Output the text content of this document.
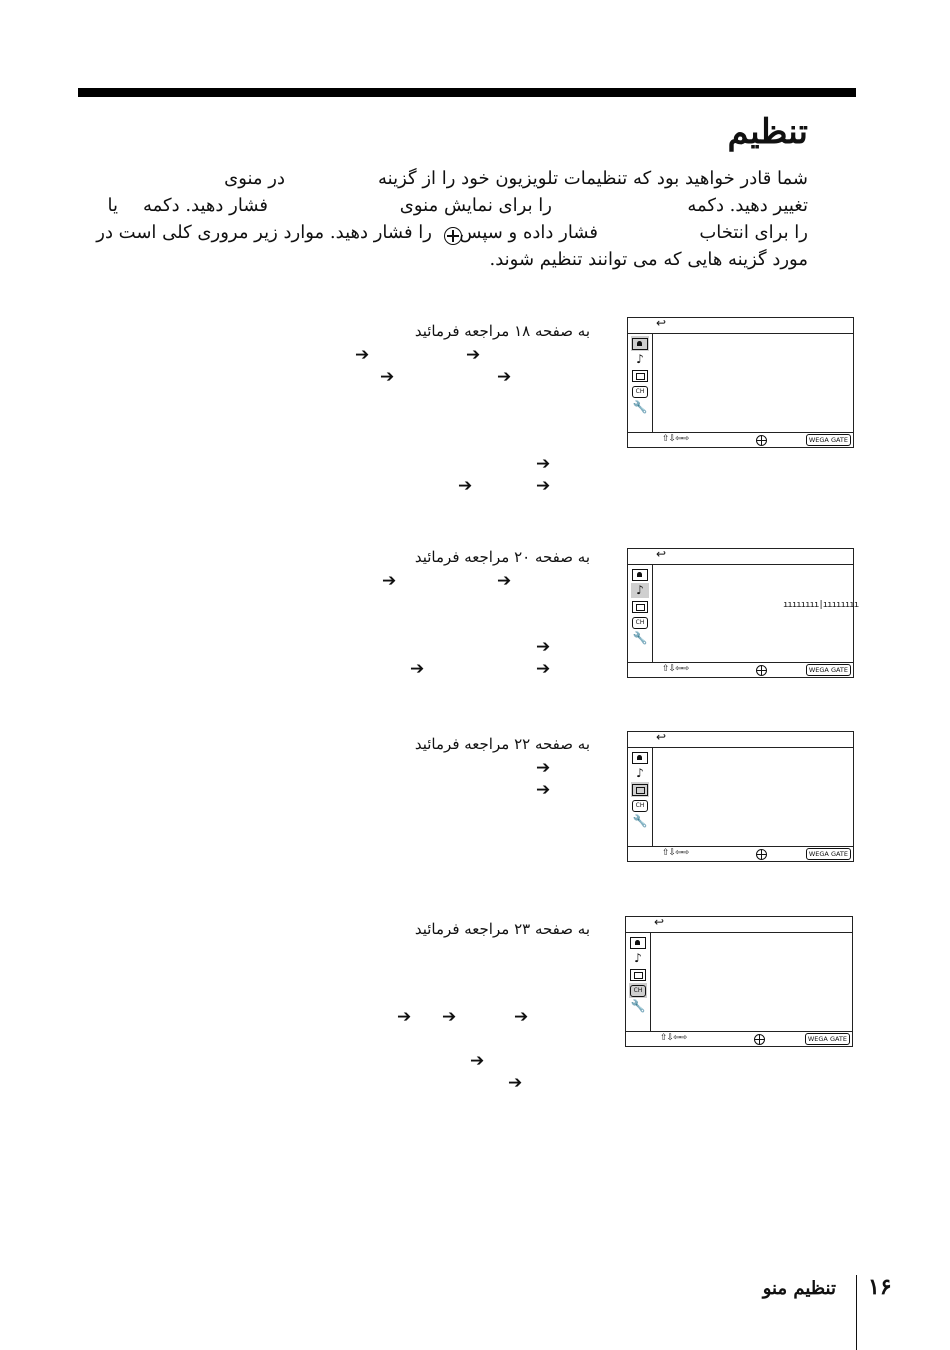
تنظیم
شما قادر خواهید بود که تنظیمات تلویزیون خود را از گزینه
در منوی
تغییر دهید. دکمه
را برای نمایش منوی
فشار دهید. دکمه
یا
را برای انتخاب
فشار داده و سپس
را فشار دهید. موارد زیر مروری کلی است در
مورد گزینه هایی که می توانند تنظیم شوند.
به صفحه ۱۸ مراجعه فرمائید
➔	➔
➔	➔
➔
➔	➔
↩
♪
CH
🔧
⇧⇩⇦⇨	WEGA GATE
به صفحه ۲۰ مراجعه فرمائید
➔	➔
➔
➔	➔
↩
♪
CH
🔧
ıııııııı|ıııııııı
⇧⇩⇦⇨	WEGA GATE
به صفحه ۲۲ مراجعه فرمائید
➔
➔
↩
♪
CH
🔧
⇧⇩⇦⇨	WEGA GATE
به صفحه ۲۳ مراجعه فرمائید
➔ ➔	➔
➔
➔
↩
♪
CH
🔧
⇧⇩⇦⇨	WEGA GATE
تنظیم منو ۱۶
